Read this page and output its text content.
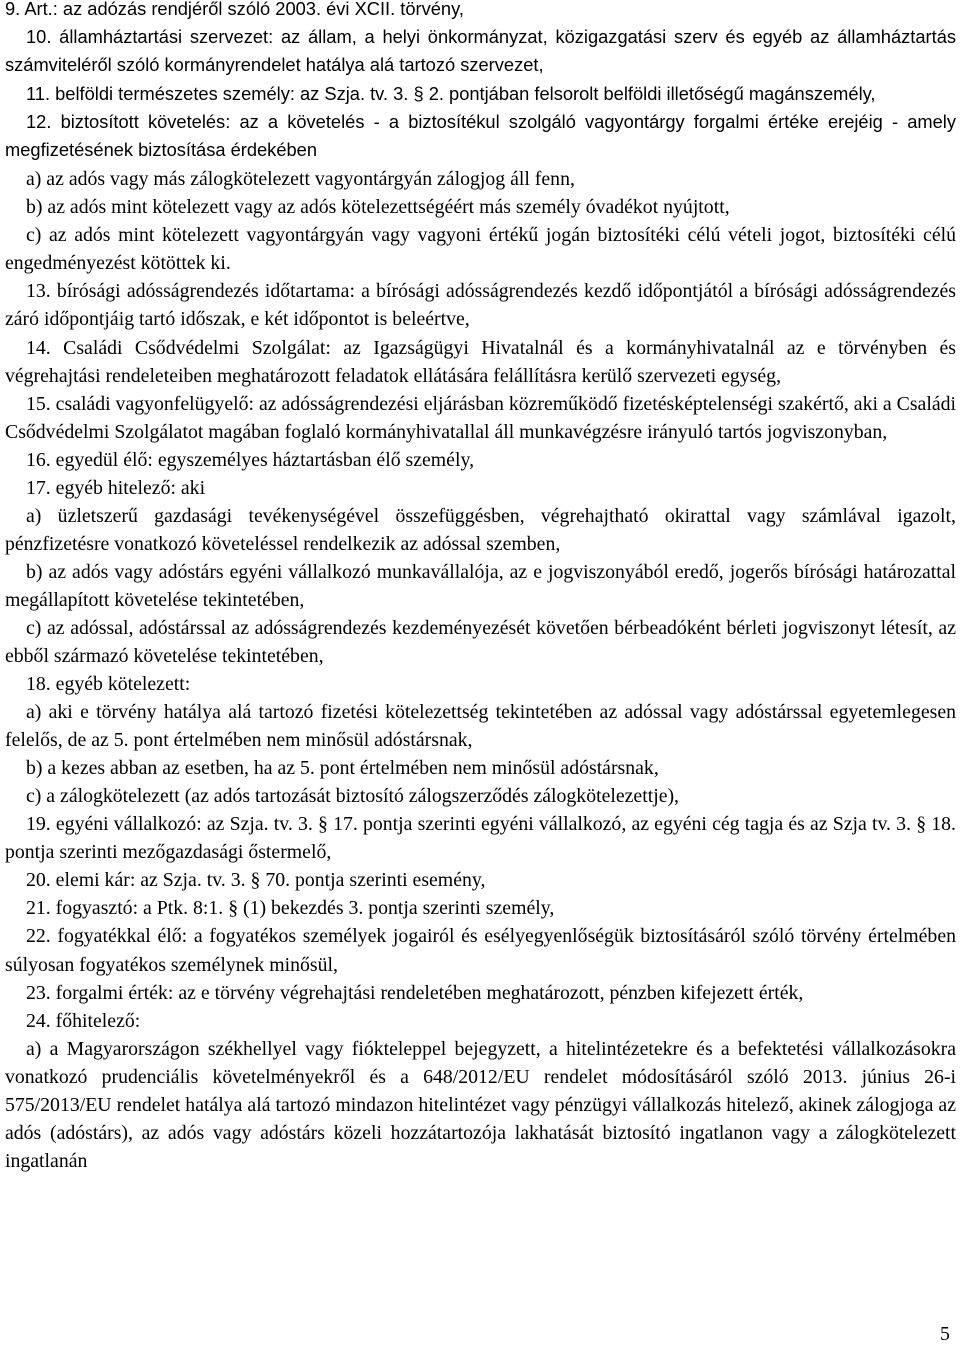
9. Art.: az adózás rendjéről szóló 2003. évi XCII. törvény,

10. államháztartási szervezet: az állam, a helyi önkormányzat, közigazgatási szerv és egyéb az államháztartás számviteléről szóló kormányrendelet hatálya alá tartozó szervezet,

11. belföldi természetes személy: az Szja. tv. 3. § 2. pontjában felsorolt belföldi illetőségű magánszemély,

12. biztosított követelés: az a követelés - a biztosítékul szolgáló vagyontárgy forgalmi értéke erejéig - amely megfizetésének biztosítása érdekében

a) az adós vagy más zálogkötelezett vagyontárgyán zálogjog áll fenn,

b) az adós mint kötelezett vagy az adós kötelezettségéért más személy óvadékot nyújtott,

c) az adós mint kötelezett vagyontárgyán vagy vagyoni értékű jogán biztosítéki célú vételi jogot, biztosítéki célú engedményezést kötöttek ki.

13. bírósági adósságrendezés időtartama: a bírósági adósságrendezés kezdő időpontjától a bírósági adósságrendezés záró időpontjáig tartó időszak, e két időpontot is beleértve,

14. Családi Csődvédelmi Szolgálat: az Igazságügyi Hivatalnál és a kormányhivatalnál az e törvényben és végrehajtási rendeleteiben meghatározott feladatok ellátására felállításra kerülő szervezeti egység,

15. családi vagyonfelügyelő: az adósságrendezési eljárásban közreműködő fizetésképtelenségi szakértő, aki a Családi Csődvédelmi Szolgálatot magában foglaló kormányhivatallal áll munkavégzésre irányuló tartós jogviszonyban,

16. egyedül élő: egyszemélyes háztartásban élő személy,

17. egyéb hitelező: aki

a) üzletszerű gazdasági tevékenységével összefüggésben, végrehajtható okirattal vagy számlával igazolt, pénzfizetésre vonatkozó követeléssel rendelkezik az adóssal szemben,

b) az adós vagy adóstárs egyéni vállalkozó munkavállalója, az e jogviszonyából eredő, jogerős bírósági határozattal megállapított követelése tekintetében,

c) az adóssal, adóstárssal az adósságrendezés kezdeményezését követően bérbeadóként bérleti jogviszonyt létesít, az ebből származó követelése tekintetében,

18. egyéb kötelezett:

a) aki e törvény hatálya alá tartozó fizetési kötelezettség tekintetében az adóssal vagy adóstárssal egyetemlegesen felelős, de az 5. pont értelmében nem minősül adóstársnak,

b) a kezes abban az esetben, ha az 5. pont értelmében nem minősül adóstársnak,

c) a zálogkötelezett (az adós tartozását biztosító zálogszerződés zálogkötelezettje),

19. egyéni vállalkozó: az Szja. tv. 3. § 17. pontja szerinti egyéni vállalkozó, az egyéni cég tagja és az Szja tv. 3. § 18. pontja szerinti mezőgazdasági őstermelő,

20. elemi kár: az Szja. tv. 3. § 70. pontja szerinti esemény,

21. fogyasztó: a Ptk. 8:1. § (1) bekezdés 3. pontja szerinti személy,

22. fogyatékkal élő: a fogyatékos személyek jogairól és esélyegyenlőségük biztosításáról szóló törvény értelmében súlyosan fogyatékos személynek minősül,

23. forgalmi érték: az e törvény végrehajtási rendeletében meghatározott, pénzben kifejezett érték,

24. főhitelező:

a) a Magyarországon székhellyel vagy fiókteleppel bejegyzett, a hitelintézetekre és a befektetési vállalkozásokra vonatkozó prudenciális követelményekről és a 648/2012/EU rendelet módosításáról szóló 2013. június 26-i 575/2013/EU rendelet hatálya alá tartozó mindazon hitelintézet vagy pénzügyi vállalkozás hitelező, akinek zálogjoga az adós (adóstárs), az adós vagy adóstárs közeli hozzátartozója lakhatását biztosító ingatlanon vagy a zálogkötelezett ingatlanán

5
